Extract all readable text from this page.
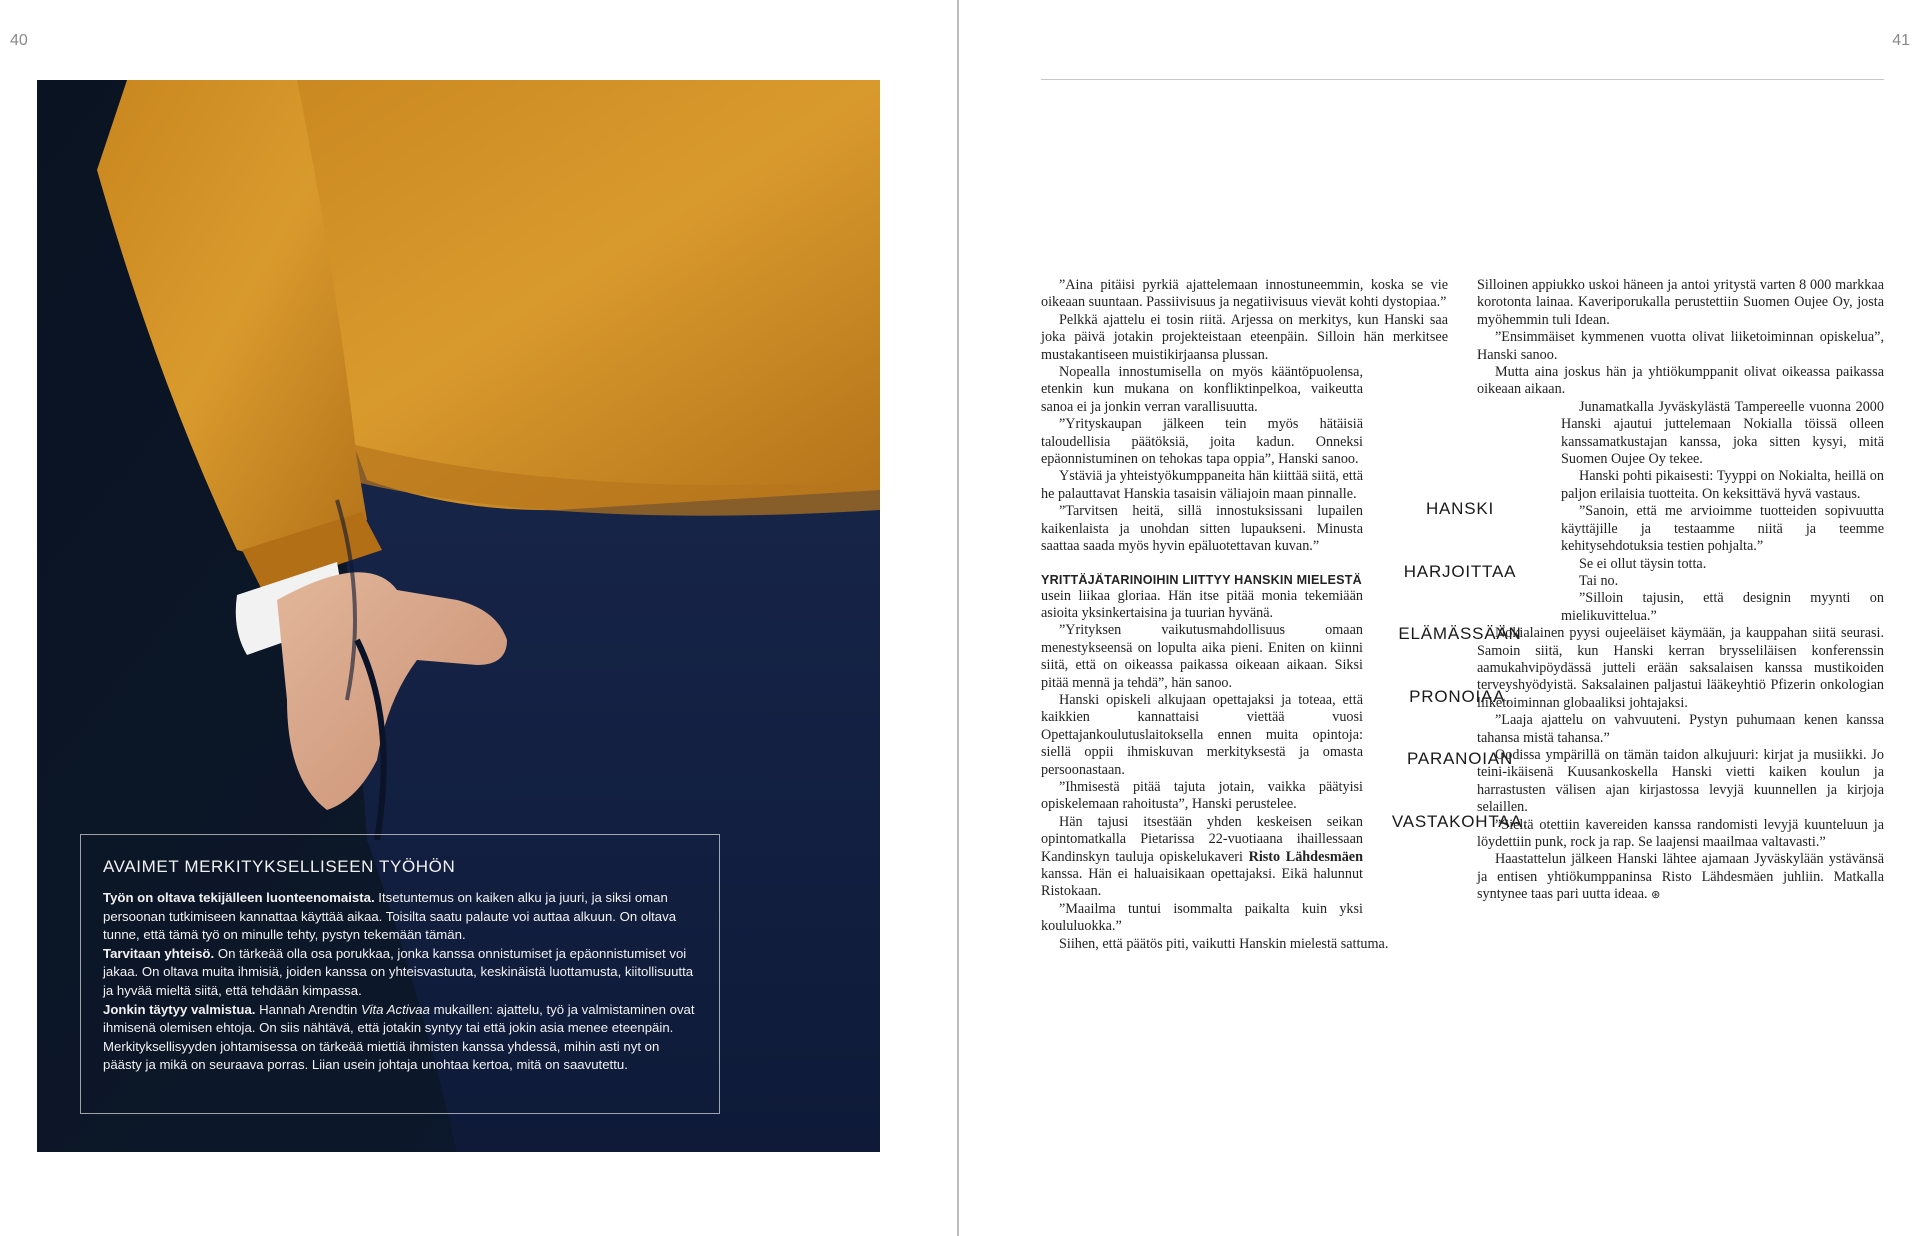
40	41
AVAIMET MERKITYKSELLISEEN TYÖHÖN

Työn on oltava tekijälleen luonteenomaista. Itsetuntemus on kaiken alku ja juuri, ja siksi oman persoonan tutkimiseen kannattaa käyttää aikaa. Toisilta saatu palaute voi auttaa alkuun. On oltava tunne, että tämä työ on minulle tehty, pystyn tekemään tämän.
Tarvitaan yhteisö. On tärkeää olla osa porukkaa, jonka kanssa onnistumiset ja epäonnistumiset voi jakaa. On oltava muita ihmisiä, joiden kanssa on yhteisvastuuta, keskinäistä luottamusta, kiitollisuutta ja hyvää mieltä siitä, että tehdään kimpassa.
Jonkin täytyy valmistua. Hannah Arendtin Vita Activaa mukaillen: ajattelu, työ ja valmistaminen ovat ihmisenä olemisen ehtoja. On siis nähtävä, että jotakin syntyy tai että jokin asia menee eteenpäin. Merkityksellisyyden johtamisessa on tärkeää miettiä ihmisten kanssa yhdessä, mihin asti nyt on päästy ja mikä on seuraava porras. Liian usein johtaja unohtaa kertoa, mitä on saavutettu.

”Aina pitäisi pyrkiä ajattelemaan innostuneemmin, koska se vie oikeaan suuntaan. Passiivisuus ja negatiivisuus vievät kohti dystopiaa.”

Pelkkä ajattelu ei tosin riitä. Arjessa on merkitys, kun Hanski saa joka päivä jotakin projekteistaan eteenpäin. Silloin hän merkitsee mustakantiseen muistikirjaansa plussan.

Nopealla innostumisella on myös kääntöpuolensa, etenkin kun mukana on konfliktinpelkoa, vaikeutta sanoa ei ja jonkin verran varallisuutta.

”Yrityskaupan jälkeen tein myös hätäisiä taloudellisia päätöksiä, joita kadun. Onneksi epäonnistuminen on tehokas tapa oppia”, Hanski sanoo.

Ystäviä ja yhteistyökumppaneita hän kiittää siitä, että he palauttavat Hanskia tasaisin väliajoin maan pinnalle.

”Tarvitsen heitä, sillä innostuksissani lupailen kaikenlaista ja unohdan sitten lupaukseni. Minusta saattaa saada myös hyvin epäluotettavan kuvan.”

YRITTÄJÄTARINOIHIN LIITTYY HANSKIN MIELESTÄ

usein liikaa gloriaa. Hän itse pitää monia tekemiään asioita yksinkertaisina ja tuurian hyvänä.

”Yrityksen vaikutusmahdollisuus omaan menestykseensä on lopulta aika pieni. Eniten on kiinni siitä, että on oikeassa paikassa oikeaan aikaan. Siksi pitää mennä ja tehdä”, hän sanoo.

Hanski opiskeli alkujaan opettajaksi ja toteaa, että kaikkien kannattaisi viettää vuosi Opettajankoulutuslaitoksella ennen muita opintoja: siellä oppii ihmiskuvan merkityksestä ja omasta persoonastaan.

”Ihmisestä pitää tajuta jotain, vaikka päätyisi opiskelemaan rahoitusta”, Hanski perustelee.

Hän tajusi itsestään yhden keskeisen seikan opintomatkalla Pietarissa 22-vuotiaana ihaillessaan Kandinskyn tauluja opiskelukaveri Risto Lähdesmäen kanssa. Hän ei haluaisikaan opettajaksi. Eikä halunnut Ristokaan.

”Maailma tuntui isommalta paikalta kuin yksi koululuokka.”

Siihen, että päätös piti, vaikutti Hanskin mielestä sattuma.

HANSKI
HARJOITTAA
ELÄMÄSSÄÄN
PRONOIAA,
PARANOIAN
VASTAKOHTAA.

Silloinen appiukko uskoi häneen ja antoi yritystä varten 8 000 markkaa korotonta lainaa. Kaveriporukalla perustettiin Suomen Oujee Oy, josta myöhemmin tuli Idean.

”Ensimmäiset kymmenen vuotta olivat liiketoiminnan opiskelua”, Hanski sanoo.

Mutta aina joskus hän ja yhtiökumppanit olivat oikeassa paikassa oikeaan aikaan.

Junamatkalla Jyväskylästä Tampereelle vuonna 2000 Hanski ajautui juttelemaan Nokialla töissä olleen kanssamatkustajan kanssa, joka sitten kysyi, mitä Suomen Oujee Oy tekee.

Hanski pohti pikaisesti: Tyyppi on Nokialta, heillä on paljon erilaisia tuotteita. On keksittävä hyvä vastaus.

”Sanoin, että me arvioimme tuotteiden sopivuutta käyttäjille ja testaamme niitä ja teemme kehitysehdotuksia testien pohjalta.”

Se ei ollut täysin totta.

Tai no.

”Silloin tajusin, että designin myynti on mielikuvitteluа.”

Nokialainen pyysi oujeeläiset käymään, ja kauppahan siitä seurasi. Samoin siitä, kun Hanski kerran brysseliläisen konferenssin aamukahvipöydässä jutteli erään saksalaisen kanssa mustikoiden terveyshyödyistä. Saksalainen paljastui lääkeyhtiö Pfizerin onkologian liiketoiminnan globaaliksi johtajaksi.

”Laaja ajattelu on vahvuuteni. Pystyn puhumaan kenen kanssa tahansa mistä tahansa.”

Oodissa ympärillä on tämän taidon alkujuuri: kirjat ja musiikki. Jo teini-ikäisenä Kuusankoskella Hanski vietti kaiken koulun ja harrastusten välisen ajan kirjastossa levyjä kuunnellen ja kirjoja selaillen.

”Sieltä otettiin kavereiden kanssa randomisti levyjä kuunteluun ja löydettiin punk, rock ja rap. Se laajensi maailmaa valtavasti.”

Haastattelun jälkeen Hanski lähtee ajamaan Jyväskylään ystävänsä ja entisen yhtiökumppaninsa Risto Lähdesmäen juhliin. Matkalla syntynee taas pari uutta ideaa. ⊛
